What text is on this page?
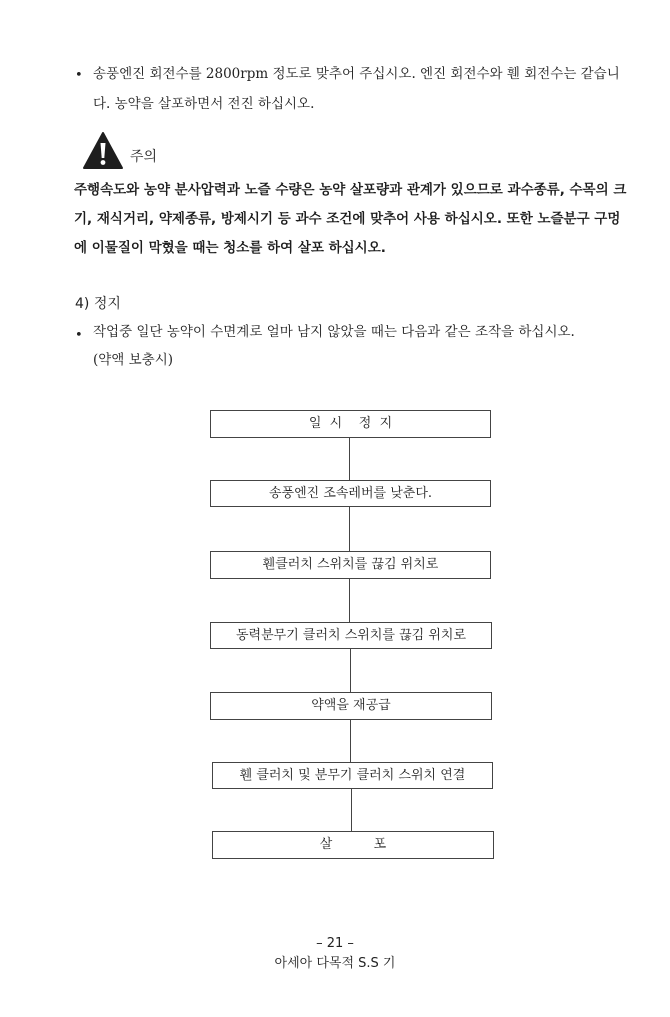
• 송풍엔진 회전수를 2800rpm 정도로 맞추어 주십시오. 엔진 회전수와 휀 회전수는 같습니
다. 농약을 살포하면서 전진 하십시오.
주의
주행속도와 농약 분사압력과 노즐 수량은 농약 살포량과 관계가 있으므로 과수종류, 수목의 크
기, 재식거리, 약제종류, 방제시기 등 과수 조건에 맞추어 사용 하십시오. 또한 노즐분구 구멍
에 이물질이 막혔을 때는 청소를 하여 살포 하십시오.
4) 정지
• 작업중 일단 농약이 수면계로 얼마 남지 않았을 때는 다음과 같은 조작을 하십시오.
(약액 보충시)
일  시    정  지
송풍엔진 조속레버를 낮춘다.
휀클러치 스위치를 끊김 위치로
동력분무기 클러치 스위치를 끊김 위치로
약액을 재공급
휀 클러치 및 분무기 클러치 스위치 연결
살          포
– 21 –
아세아 다목적 S.S 기
